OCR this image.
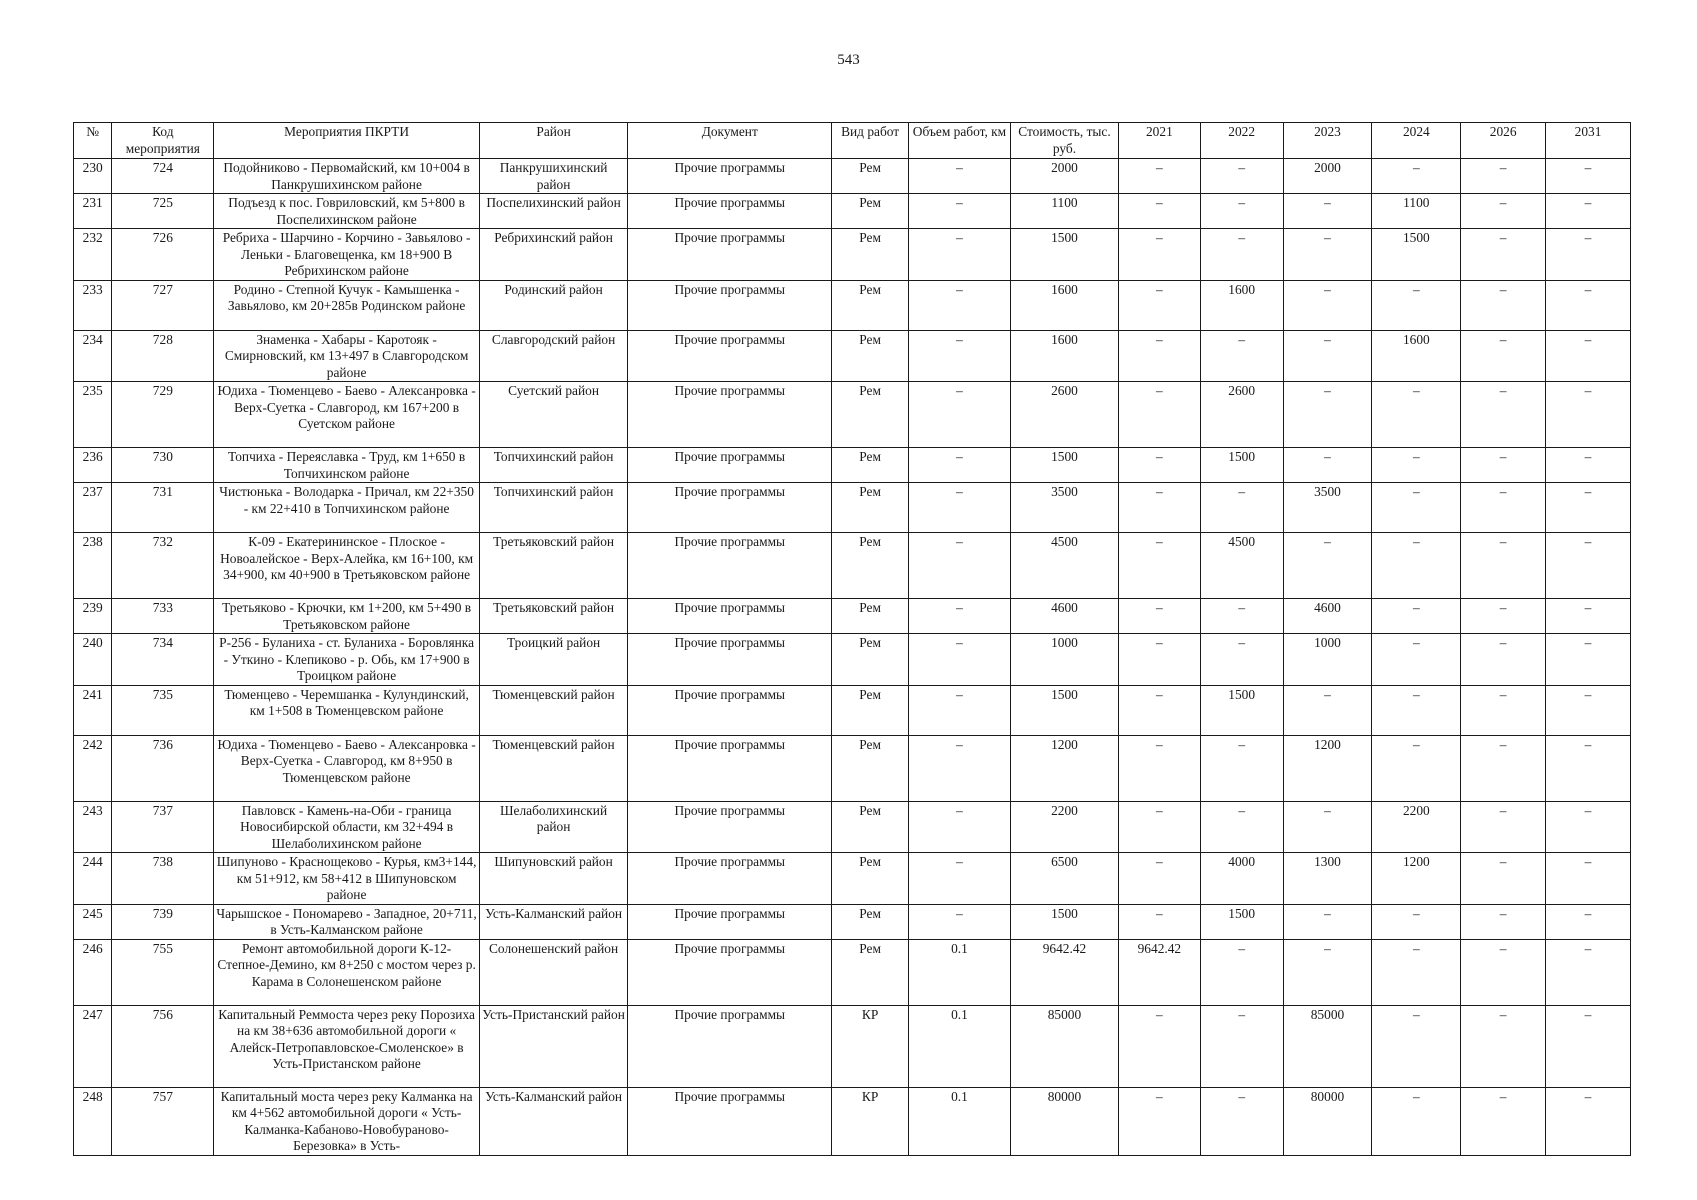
543
№	Код мероприятия	Мероприятия ПКРТИ	Район	Документ	Вид работ	Объем работ, км	Стоимость, тыс. руб.	2021	2022	2023	2024	2026	2031
230	724	Подойниково - Первомайский, км 10+004 в Панкрушихинском районе	Панкрушихинский район	Прочие программы	Рем	–	2000	–	–	2000	–	–	–
231	725	Подъезд к пос. Говриловский, км 5+800 в Поспелихинском районе	Поспелихинский район	Прочие программы	Рем	–	1100	–	–	–	1100	–	–
232	726	Ребриха - Шарчино - Корчино - Завьялово - Леньки - Благовещенка, км 18+900 В Ребрихинском районе	Ребрихинский район	Прочие программы	Рем	–	1500	–	–	–	1500	–	–
233	727	Родино - Степной Кучук - Камышенка - Завьялово, км 20+285в Родинском районе	Родинский район	Прочие программы	Рем	–	1600	–	1600	–	–	–	–
234	728	Знаменка - Хабары - Каротояк - Смирновский, км 13+497 в Славгородском районе	Славгородский район	Прочие программы	Рем	–	1600	–	–	–	1600	–	–
235	729	Юдиха - Тюменцево - Баево - Алексанровка - Верх-Суетка - Славгород, км 167+200 в Суетском районе	Суетский район	Прочие программы	Рем	–	2600	–	2600	–	–	–	–
236	730	Топчиха - Переяславка - Труд, км 1+650 в Топчихинском районе	Топчихинский район	Прочие программы	Рем	–	1500	–	1500	–	–	–	–
237	731	Чистюнька - Володарка - Причал, км 22+350 - км 22+410 в Топчихинском районе	Топчихинский район	Прочие программы	Рем	–	3500	–	–	3500	–	–	–
238	732	К-09 - Екатерининское - Плоское - Новоалейское - Верх-Алейка, км 16+100, км 34+900, км 40+900 в Третьяковском районе	Третьяковский район	Прочие программы	Рем	–	4500	–	4500	–	–	–	–
239	733	Третьяково - Крючки, км 1+200, км 5+490 в Третьяковском районе	Третьяковский район	Прочие программы	Рем	–	4600	–	–	4600	–	–	–
240	734	Р-256 - Буланиха - ст. Буланиха - Боровлянка - Уткино - Клепиково - р. Обь, км 17+900 в Троицком районе	Троицкий район	Прочие программы	Рем	–	1000	–	–	1000	–	–	–
241	735	Тюменцево - Черемшанка - Кулундинский, км 1+508 в Тюменцевском районе	Тюменцевский район	Прочие программы	Рем	–	1500	–	1500	–	–	–	–
242	736	Юдиха - Тюменцево - Баево - Алексанровка - Верх-Суетка - Славгород, км 8+950 в Тюменцевском районе	Тюменцевский район	Прочие программы	Рем	–	1200	–	–	1200	–	–	–
243	737	Павловск - Камень-на-Оби - граница Новосибирской области, км 32+494 в Шелаболихинском районе	Шелаболихинский район	Прочие программы	Рем	–	2200	–	–	–	2200	–	–
244	738	Шипуново - Краснощеково - Курья, км3+144, км 51+912, км 58+412 в Шипуновском районе	Шипуновский район	Прочие программы	Рем	–	6500	–	4000	1300	1200	–	–
245	739	Чарышское - Пономарево - Западное, 20+711, в Усть-Калманском районе	Усть-Калманский район	Прочие программы	Рем	–	1500	–	1500	–	–	–	–
246	755	Ремонт автомобильной дороги К-12-Степное-Демино, км 8+250 с мостом через р. Карама в Солонешенском районе	Солонешенский район	Прочие программы	Рем	0.1	9642.42	9642.42	–	–	–	–	–
247	756	Капитальный Реммоста через реку Порозиха на км 38+636 автомобильной дороги « Алейск-Петропавловское-Смоленское» в Усть-Пристанском районе	Усть-Пристанский район	Прочие программы	КР	0.1	85000	–	–	85000	–	–	–
248	757	Капитальный моста через реку Калманка на км 4+562 автомобильной дороги « Усть-Калманка-Кабаново-Новобураново-Березовка» в Усть-	Усть-Калманский район	Прочие программы	КР	0.1	80000	–	–	80000	–	–	–
